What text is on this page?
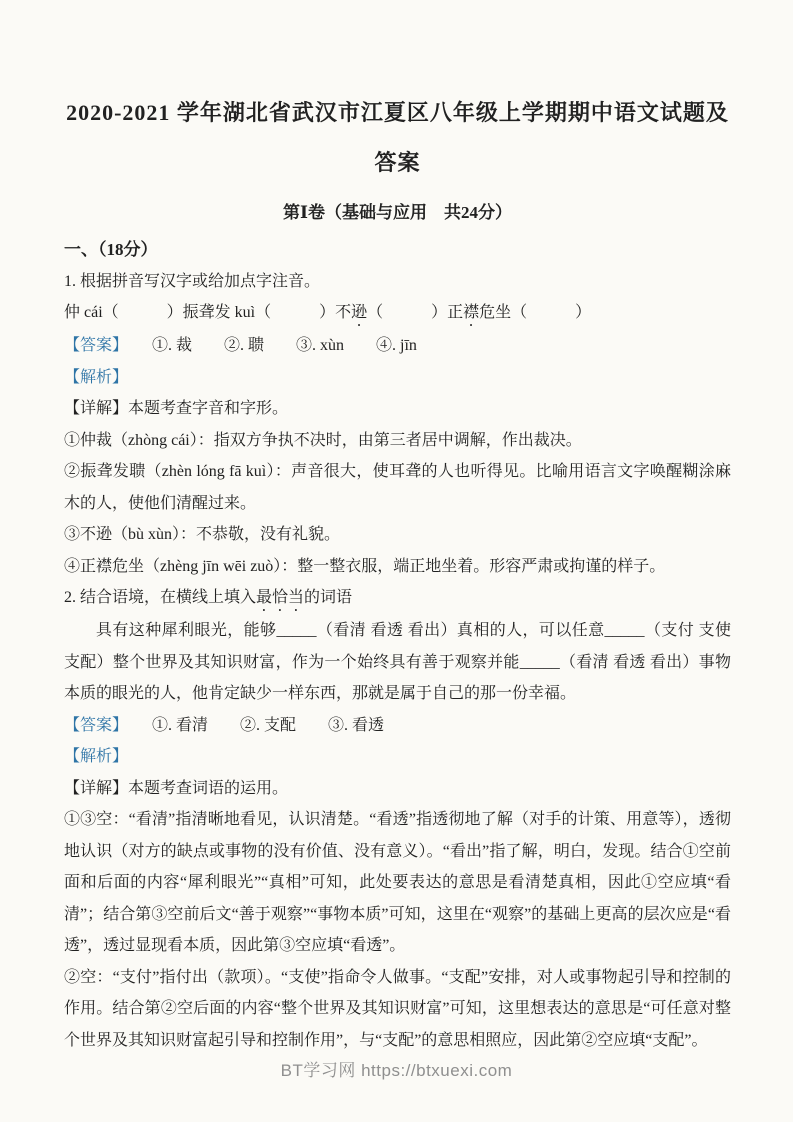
2020-2021 学年湖北省武汉市江夏区八年级上学期期中语文试题及答案
第Ⅰ卷（基础与应用　共24分）

一、（18分）

1. 根据拼音写汉字或给加点字注音。

仲 cái（　　　）振聋发 kuì（　　　）不逊（　　　）正襟危坐（　　　）

【答案】　　①. 裁　　②. 聩　　③. xùn　　④. jīn

【解析】

【详解】本题考查字音和字形。

①仲裁（zhòng cái）：指双方争执不决时，由第三者居中调解，作出裁决。

②振聋发聩（zhèn lóng fā kuì）：声音很大，使耳聋的人也听得见。比喻用语言文字唤醒糊涂麻木的人，使他们清醒过来。

③不逊（bù xùn）：不恭敬，没有礼貌。

④正襟危坐（zhèng jīn wēi zuò）：整一整衣服，端正地坐着。形容严肃或拘谨的样子。

2. 结合语境，在横线上填入最恰当的词语

具有这种犀利眼光，能够_____（看清 看透 看出）真相的人，可以任意_____（支付 支使 支配）整个世界及其知识财富，作为一个始终具有善于观察并能_____（看清 看透 看出）事物本质的眼光的人，他肯定缺少一样东西，那就是属于自己的那一份幸福。

【答案】　　①. 看清　　②. 支配　　③. 看透

【解析】

【详解】本题考查词语的运用。

①③空：“看清”指清晰地看见，认识清楚。“看透”指透彻地了解（对手的计策、用意等），透彻地认识（对方的缺点或事物的没有价值、没有意义）。“看出”指了解，明白，发现。结合①空前面和后面的内容“犀利眼光”“真相”可知，此处要表达的意思是看清楚真相，因此①空应填“看清”；结合第③空前后文“善于观察”“事物本质”可知，这里在“观察”的基础上更高的层次应是“看透”，透过显现看本质，因此第③空应填“看透”。

②空：“支付”指付出（款项）。“支使”指命令人做事。“支配”安排，对人或事物起引导和控制的作用。结合第②空后面的内容“整个世界及其知识财富”可知，这里想表达的意思是“可任意对整个世界及其知识财富起引导和控制作用”，与“支配”的意思相照应，因此第②空应填“支配”。

BT学习网 https://btxuexi.com
